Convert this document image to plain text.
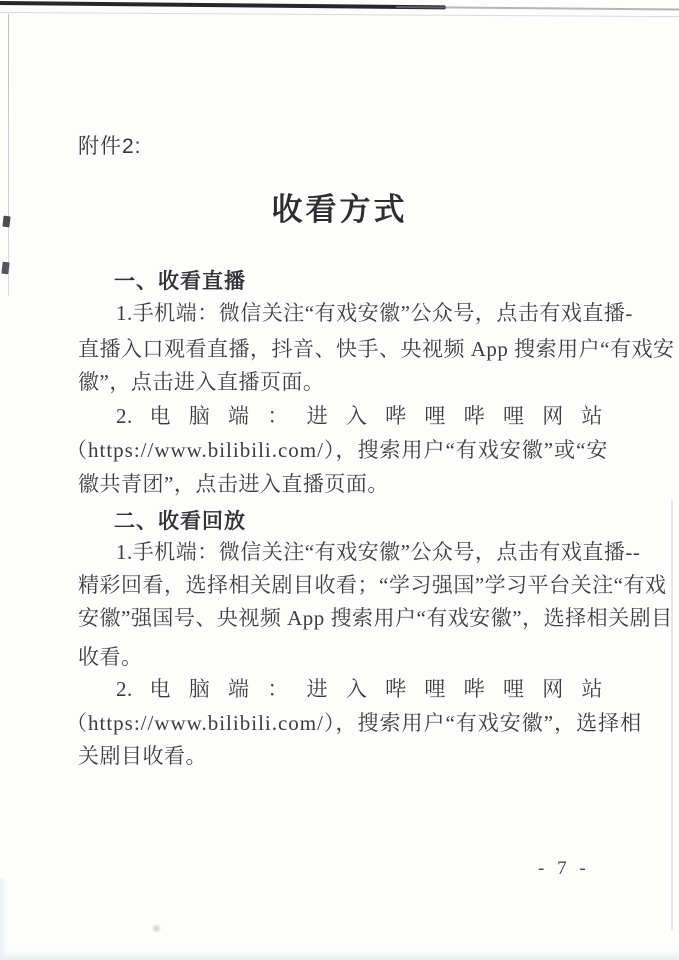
附件2:
收看方式
一、收看直播
1.手机端：微信关注“有戏安徽”公众号，点击有戏直播-
直播入口观看直播，抖音、快手、央视频 App 搜索用户“有戏安
徽”，点击进入直播页面。
2. 电 脑 端 ： 进 入 哔 哩 哔 哩 网 站
（https://www.bilibili.com/），搜索用户“有戏安徽”或“安
徽共青团”，点击进入直播页面。
二、收看回放
1.手机端：微信关注“有戏安徽”公众号，点击有戏直播--
精彩回看，选择相关剧目收看；“学习强国”学习平台关注“有戏
安徽”强国号、央视频 App 搜索用户“有戏安徽”，选择相关剧目
收看。
2. 电 脑 端 ： 进 入 哔 哩 哔 哩 网 站
（https://www.bilibili.com/），搜索用户“有戏安徽”，选择相
关剧目收看。
- 7 -
